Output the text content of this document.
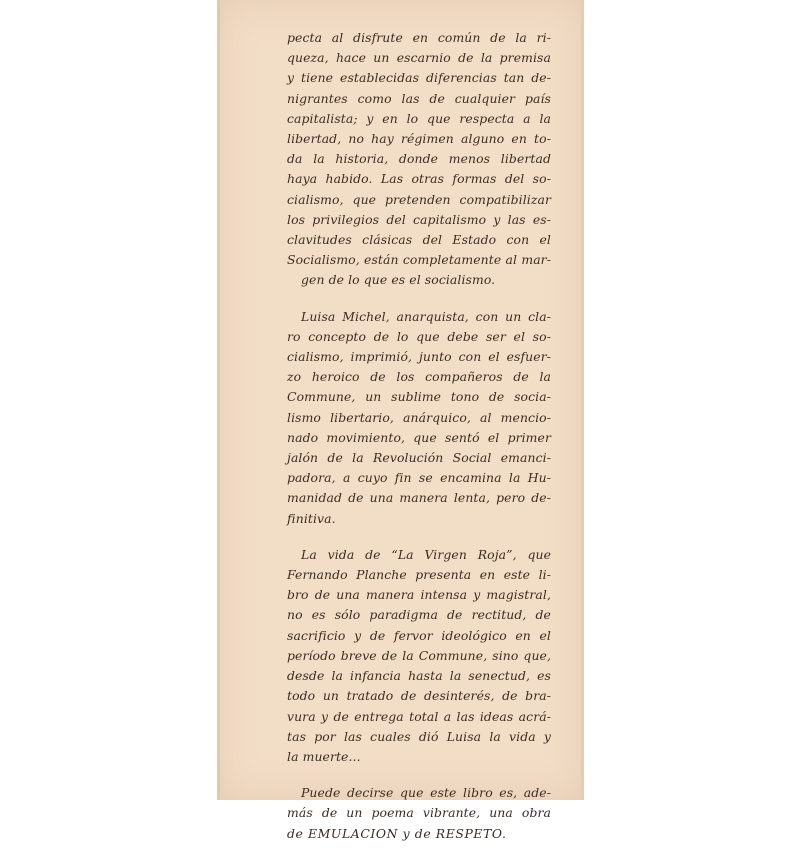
pecta al disfrute en común de la ri-
queza, hace un escarnio de la premisa
y tiene establecidas diferencias tan de-
nigrantes como las de cualquier país
capitalista; y en lo que respecta a la
libertad, no hay régimen alguno en to-
da la historia, donde menos libertad
haya habido. Las otras formas del so-
cialismo, que pretenden compatibilizar
los privilegios del capitalismo y las es-
clavitudes clásicas del Estado con el
Socialismo, están completamente al mar-
gen de lo que es el socialismo.
Luisa Michel, anarquista, con un cla-
ro concepto de lo que debe ser el so-
cialismo, imprimió, junto con el esfuer-
zo heroico de los compañeros de la
Commune, un sublime tono de socia-
lismo libertario, anárquico, al mencio-
nado movimiento, que sentó el primer
jalón de la Revolución Social emanci-
padora, a cuyo fin se encamina la Hu-
manidad de una manera lenta, pero de-
finitiva.
La vida de “La Virgen Roja”, que
Fernando Planche presenta en este li-
bro de una manera intensa y magistral,
no es sólo paradigma de rectitud, de
sacrificio y de fervor ideológico en el
período breve de la Commune, sino que,
desde la infancia hasta la senectud, es
todo un tratado de desinterés, de bra-
vura y de entrega total a las ideas acrá-
tas por las cuales dió Luisa la vida y
la muerte...
Puede decirse que este libro es, ade-
más de un poema vibrante, una obra
de EMULACION y de RESPETO.
